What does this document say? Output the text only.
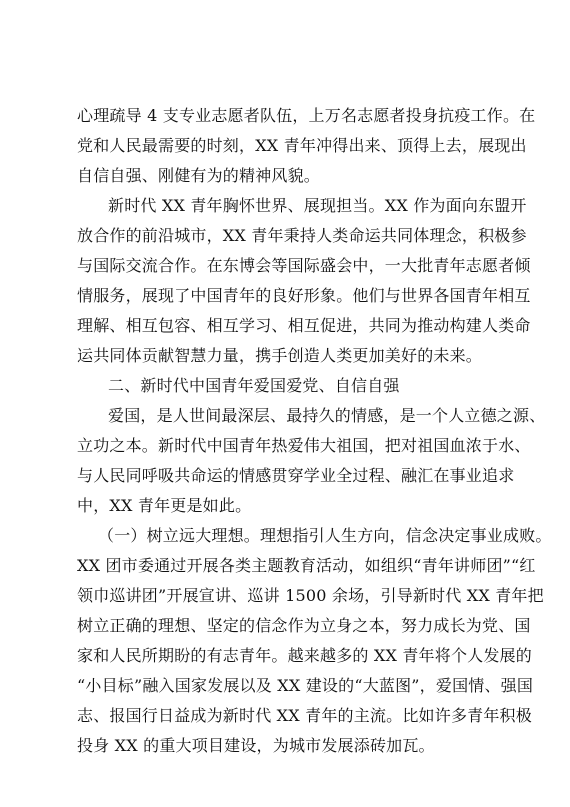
心理疏导 4 支专业志愿者队伍，上万名志愿者投身抗疫工作。在
党和人民最需要的时刻，XX 青年冲得出来、顶得上去，展现出
自信自强、刚健有为的精神风貌。
新时代 XX 青年胸怀世界、展现担当。XX 作为面向东盟开
放合作的前沿城市，XX 青年秉持人类命运共同体理念，积极参
与国际交流合作。在东博会等国际盛会中，一大批青年志愿者倾
情服务，展现了中国青年的良好形象。他们与世界各国青年相互
理解、相互包容、相互学习、相互促进，共同为推动构建人类命
运共同体贡献智慧力量，携手创造人类更加美好的未来。
二、新时代中国青年爱国爱党、自信自强
爱国，是人世间最深层、最持久的情感，是一个人立德之源、
立功之本。新时代中国青年热爱伟大祖国，把对祖国血浓于水、
与人民同呼吸共命运的情感贯穿学业全过程、融汇在事业追求
中，XX 青年更是如此。
（一）树立远大理想。理想指引人生方向，信念决定事业成败。
XX 团市委通过开展各类主题教育活动，如组织“青年讲师团”“红
领巾巡讲团”开展宣讲、巡讲 1500 余场，引导新时代 XX 青年把
树立正确的理想、坚定的信念作为立身之本，努力成长为党、国
家和人民所期盼的有志青年。越来越多的 XX 青年将个人发展的
“小目标”融入国家发展以及 XX 建设的“大蓝图”，爱国情、强国
志、报国行日益成为新时代 XX 青年的主流。比如许多青年积极
投身 XX 的重大项目建设，为城市发展添砖加瓦。
